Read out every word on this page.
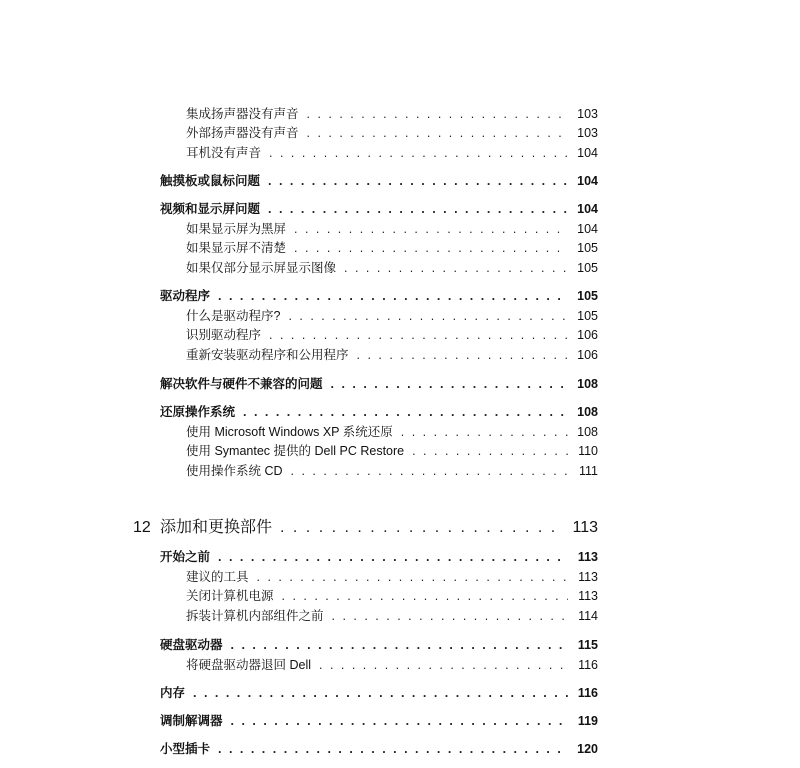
集成扬声器没有声音 . . .	103
外部扬声器没有声音 . . .	103
耳机没有声音 . . .	104
触摸板或鼠标问题 . . .	104
视频和显示屏问题 . . .	104
如果显示屏为黑屏 . . .	104
如果显示屏不清楚 . . .	105
如果仅部分显示屏显示图像 . . .	105
驱动程序 . . .	105
什么是驱动程序? . . .	105
识别驱动程序 . . .	106
重新安装驱动程序和公用程序 . . .	106
解决软件与硬件不兼容的问题 . . .	108
还原操作系统 . . .	108
使用 Microsoft Windows XP 系统还原 . . .	108
使用 Symantec 提供的 Dell PC Restore . . .	110
使用操作系统 CD . . .	111
12 添加和更换部件 . . .	113
开始之前 . . .	113
建议的工具 . . .	113
关闭计算机电源 . . .	113
拆装计算机内部组件之前 . . .	114
硬盘驱动器 . . .	115
将硬盘驱动器退回 Dell . . .	116
内存 . . .	116
调制解调器 . . .	119
小型插卡 . . .	120
